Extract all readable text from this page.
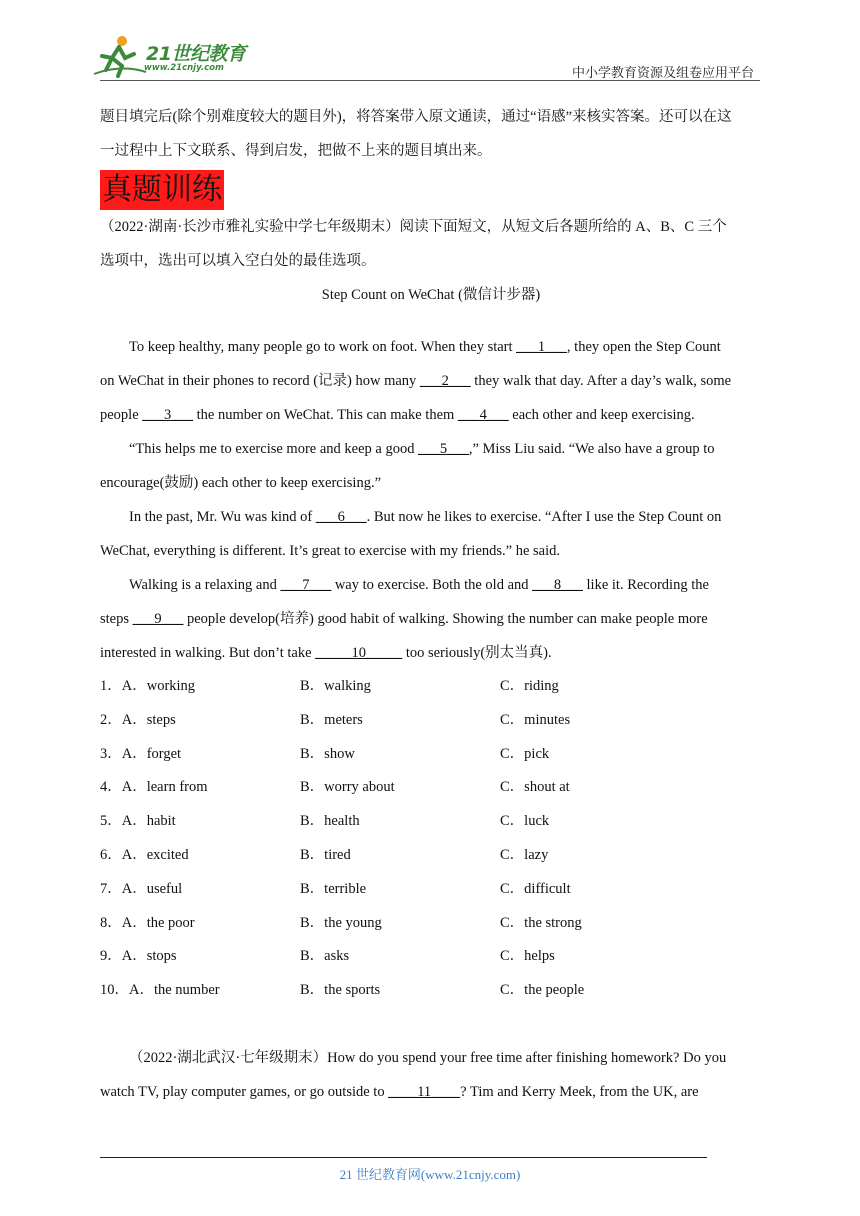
21世纪教育
www.21cnjy.com	中小学教育资源及组卷应用平台

题目填完后(除个别难度较大的题目外)，将答案带入原文通读，通过“语感”来核实答案。还可以在这

一过程中上下文联系、得到启发，把做不上来的题目填出来。

真题训练

（2022·湖南·长沙市雅礼实验中学七年级期末）阅读下面短文，从短文后各题所给的 A、B、C 三个

选项中，选出可以填入空白处的最佳选项。

Step Count on WeChat (微信计步器)

To keep healthy, many people go to work on foot. When they start ___1___, they open the Step Count

on WeChat in their phones to record (记录) how many ___2___ they walk that day. After a day’s walk, some

people ___3___ the number on WeChat. This can make them ___4___ each other and keep exercising.

“This helps me to exercise more and keep a good ___5___,” Miss Liu said. “We also have a group to

encourage(鼓励) each other to keep exercising.”

In the past, Mr. Wu was kind of ___6___. But now he likes to exercise. “After I use the Step Count on

WeChat, everything is different. It’s great to exercise with my friends.” he said.

Walking is a relaxing and ___7___ way to exercise. Both the old and ___8___ like it. Recording the

steps ___9___ people develop(培养) good habit of walking. Showing the number can make people more

interested in walking. But don’t take _____10_____ too seriously(别太当真).

1．A．working	B．walking	C．riding
2．A．steps	B．meters	C．minutes
3．A．forget	B．show	C．pick
4．A．learn from	B．worry about	C．shout at
5．A．habit	B．health	C．luck
6．A．excited	B．tired	C．lazy
7．A．useful	B．terrible	C．difficult
8．A．the poor	B．the young	C．the strong
9．A．stops	B．asks	C．helps
10．A．the number	B．the sports	C．the people

（2022·湖北武汉·七年级期末）How do you spend your free time after finishing homework? Do you

watch TV, play computer games, or go outside to ____11____? Tim and Kerry Meek, from the UK, are

21 世纪教育网(www.21cnjy.com)
